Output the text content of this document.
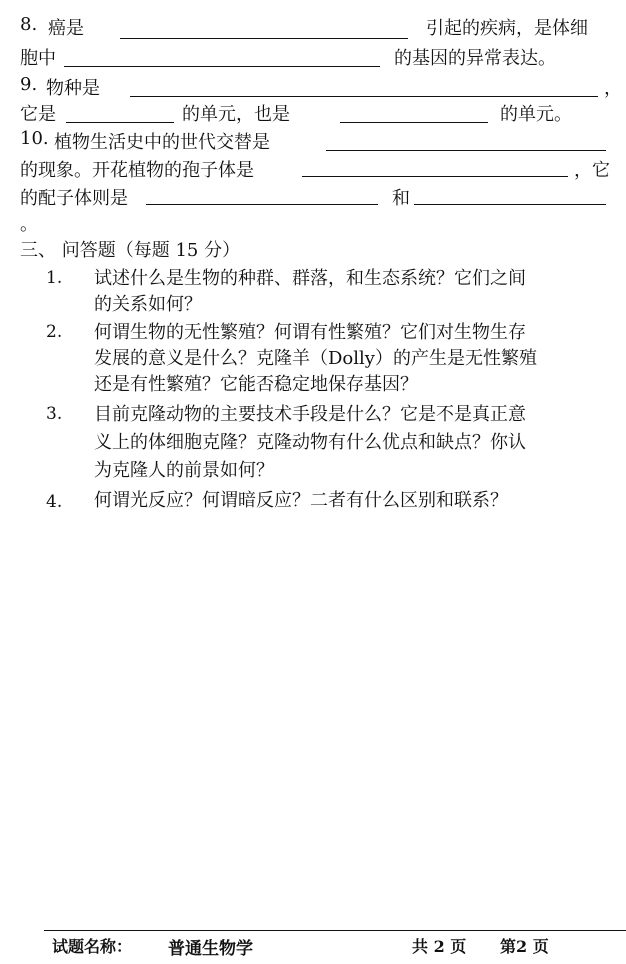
8. 癌是	引起的疾病，是体细
胞中	的基因的异常表达。
9. 物种是	，
它是	的单元，也是	的单元。
10. 植物生活史中的世代交替是
的现象。开花植物的孢子体是	，它
的配子体则是	和
。
三、 问答题（每题 15 分）
1. 试述什么是生物的种群、群落，和生态系统？它们之间
的关系如何？
2. 何谓生物的无性繁殖？何谓有性繁殖？它们对生物生存
发展的意义是什么？克隆羊（Dolly）的产生是无性繁殖
还是有性繁殖？它能否稳定地保存基因？
3. 目前克隆动物的主要技术手段是什么？它是不是真正意
义上的体细胞克隆？克隆动物有什么优点和缺点？你认
为克隆人的前景如何？
4. 何谓光反应？何谓暗反应？二者有什么区别和联系？
试题名称： 普通生物学	共 2 页 第2 页
